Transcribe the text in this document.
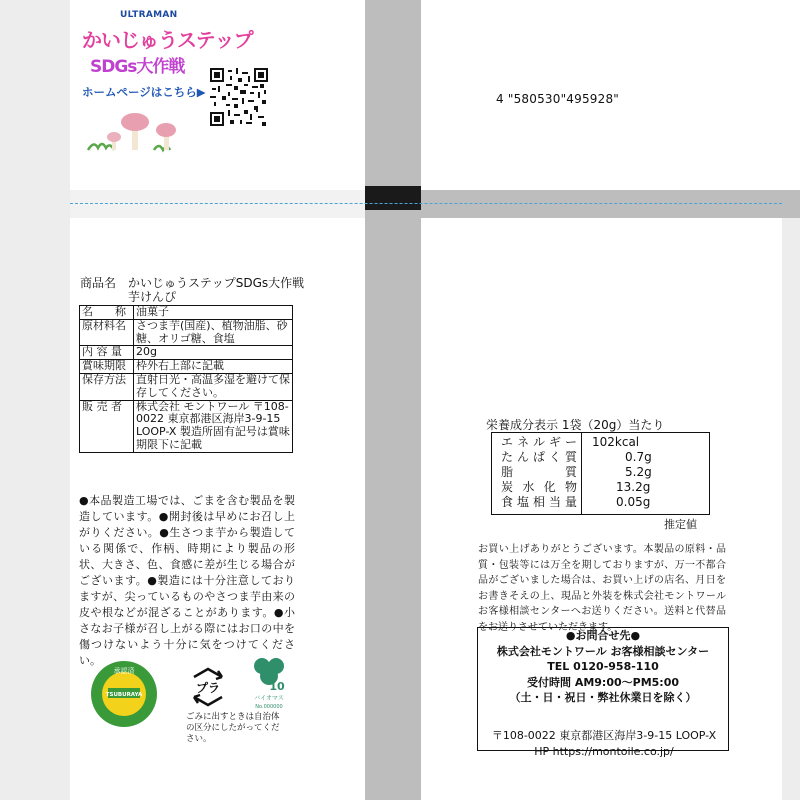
ULTRAMAN
かいじゅうステップ
SDGs大作戦
ホームページはこちら▶	4 "580530"495928"
商品名 かいじゅうステップSDGs大作戦
芋けんぴ
名　　称	油菓子
原材料名	さつま芋(国産)、植物油脂、砂糖、オリゴ糖、食塩
内 容 量	20g
賞味期限	枠外右上部に記載
保存方法	直射日光・高温多湿を避けて保存してください。
販 売 者	株式会社 モントワール 〒108-0022 東京都港区海岸3-9-15 LOOP-X 製造所固有記号は賞味期限下に記載
●本品製造工場では、ごまを含む製品を製造しています。●開封後は早めにお召し上がりください。●生さつま芋から製造している関係で、作柄、時期により製品の形状、大きさ、色、食感に差が生じる場合がございます。●製造には十分注意しておりますが、尖っているものやさつま芋由来の皮や根などが混ざることがあります。●小さなお子様が召し上がる際にはお口の中を傷つけないよう十分に気をつけてください。
承認済
TSUBURAYA	プラ
ごみに出すときは自治体の区分にしたがってください。
10
バイオマス
No.000000
栄養成分表示 1袋（20g）当たり
エネルギー 102kcal
たんぱく質	0.7g
脂　　質	5.2g
炭水化物	13.2g
食塩相当量	0.05g
推定値
お買い上げありがとうございます。本製品の原料・品質・包装等には万全を期しておりますが、万一不都合品がございました場合は、お買い上げの店名、月日をお書きそえの上、現品と外装を株式会社モントワールお客様相談センターへお送りください。送料と代替品をお送りさせていただきます。
●お問合せ先●
株式会社モントワール お客様相談センター
TEL 0120-958-110
受付時間 AM9:00〜PM5:00
（土・日・祝日・弊社休業日を除く）
〒108-0022 東京都港区海岸3-9-15 LOOP-X
HP https://montoile.co.jp/
